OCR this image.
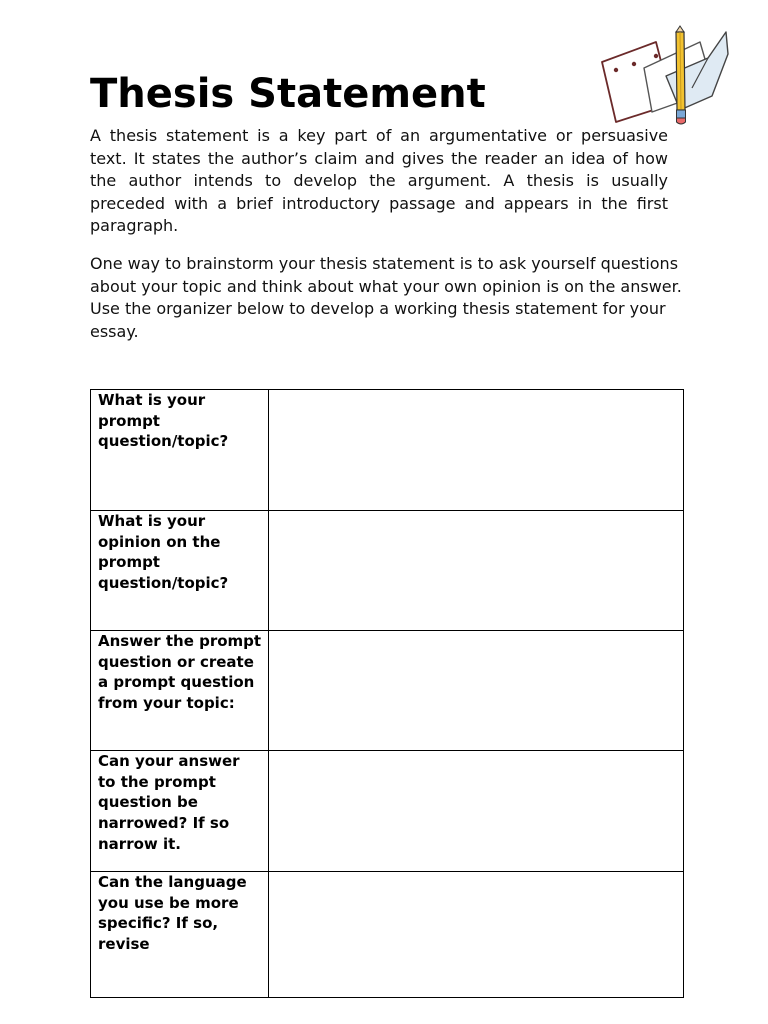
Thesis Statement

A thesis statement is a key part of an argumentative or persuasive text. It states the author’s claim and gives the reader an idea of how the author intends to develop the argument. A thesis is usually preceded with a brief introductory passage and appears in the first paragraph.

One way to brainstorm your thesis statement is to ask yourself questions about your topic and think about what your own opinion is on the answer. Use the organizer below to develop a working thesis statement for your essay.

What is your prompt question/topic?	

What is your opinion on the prompt question/topic?	

Answer the prompt question or create a prompt question from your topic:	

Can your answer to the prompt question be narrowed? If so narrow it.	

Can the language you use be more specific? If so, revise	
